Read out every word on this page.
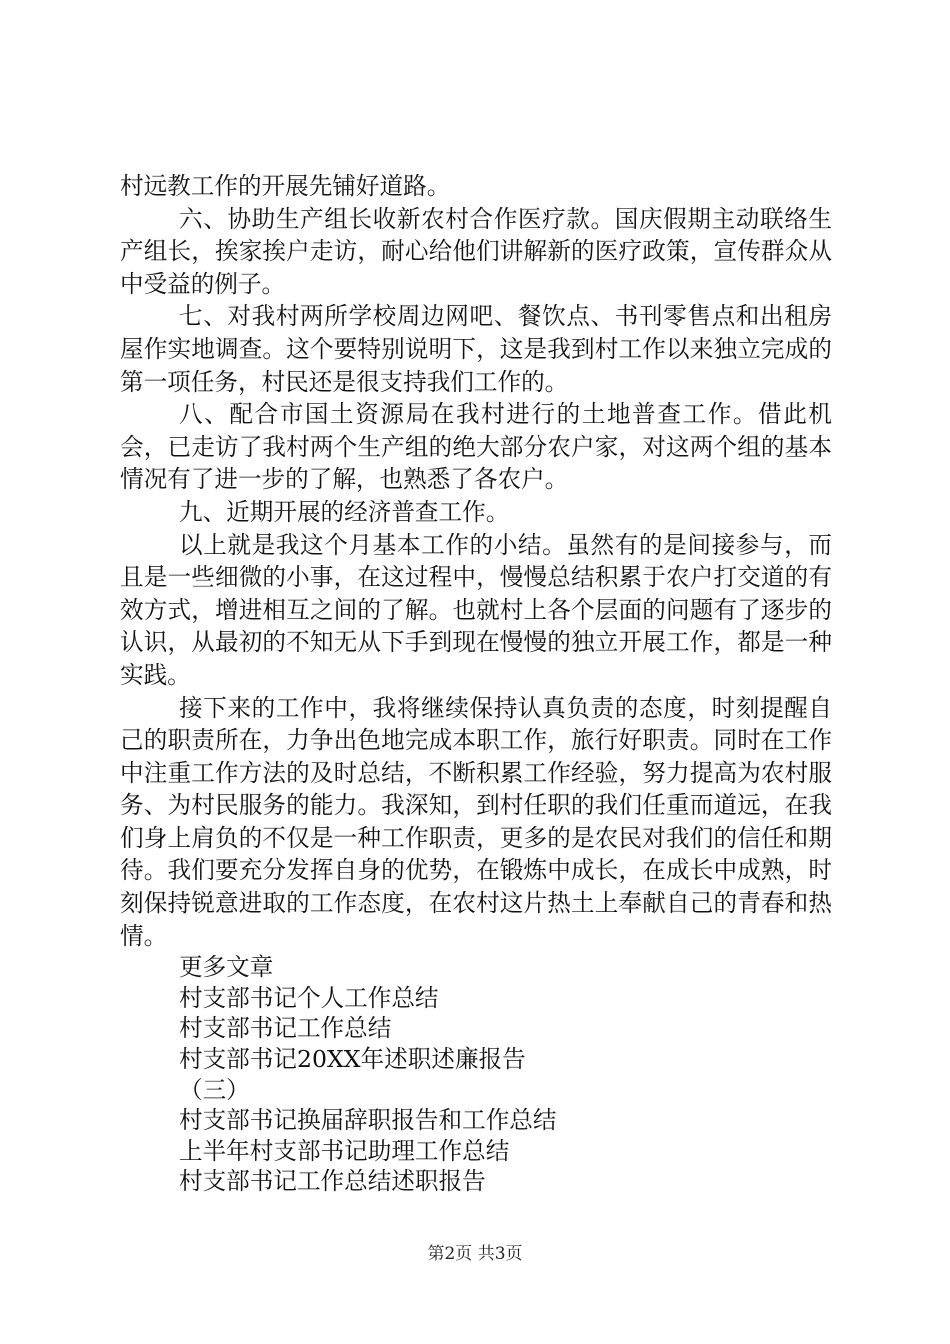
村远教工作的开展先铺好道路。

六、协助生产组长收新农村合作医疗款。国庆假期主动联络生产组长，挨家挨户走访，耐心给他们讲解新的医疗政策，宣传群众从中受益的例子。

七、对我村两所学校周边网吧、餐饮点、书刊零售点和出租房屋作实地调查。这个要特别说明下，这是我到村工作以来独立完成的第一项任务，村民还是很支持我们工作的。

八、配合市国土资源局在我村进行的土地普查工作。借此机会，已走访了我村两个生产组的绝大部分农户家，对这两个组的基本情况有了进一步的了解，也熟悉了各农户。

九、近期开展的经济普查工作。

以上就是我这个月基本工作的小结。虽然有的是间接参与，而且是一些细微的小事，在这过程中，慢慢总结积累于农户打交道的有效方式，增进相互之间的了解。也就村上各个层面的问题有了逐步的认识，从最初的不知无从下手到现在慢慢的独立开展工作，都是一种实践。

接下来的工作中，我将继续保持认真负责的态度，时刻提醒自己的职责所在，力争出色地完成本职工作，旅行好职责。同时在工作中注重工作方法的及时总结，不断积累工作经验，努力提高为农村服务、为村民服务的能力。我深知，到村任职的我们任重而道远，在我们身上肩负的不仅是一种工作职责，更多的是农民对我们的信任和期待。我们要充分发挥自身的优势，在锻炼中成长，在成长中成熟，时刻保持锐意进取的工作态度，在农村这片热土上奉献自己的青春和热情。

更多文章

村支部书记个人工作总结
村支部书记工作总结
村支部书记20XX年述职述廉报告
（三）
村支部书记换届辞职报告和工作总结
上半年村支部书记助理工作总结
村支部书记工作总结述职报告
第2页 共3页
